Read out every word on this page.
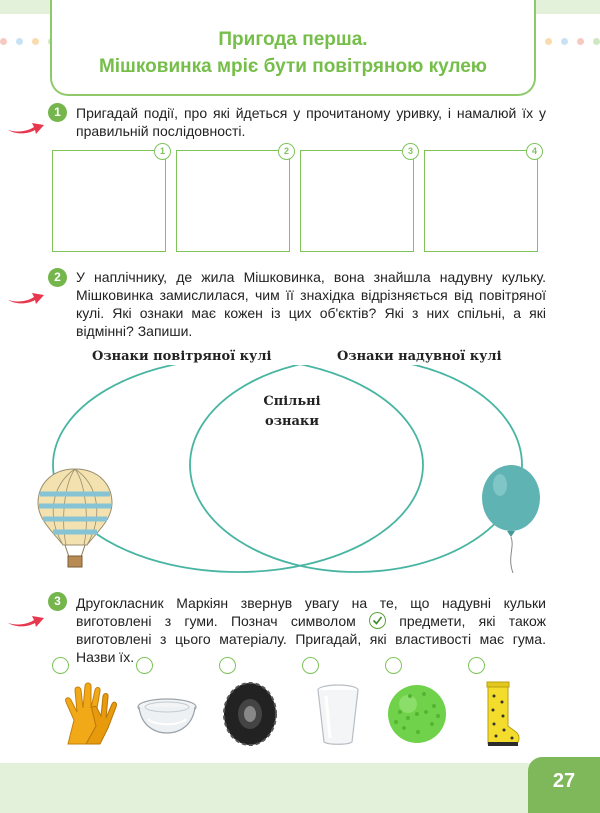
Пригода перша.
Мішковинка мріє бути повітряною кулею
1	Пригадай події, про які йдеться у прочитаному уривку, і намалюй їх у правильній послідовності.
1	2	3	4
2	У наплічнику, де жила Мішковинка, вона знайшла надувну кульку. Мішковинка замислилася, чим її знахідка відрізняється від повітряної кулі. Які ознаки має кожен із цих об'єктів? Які з них спільні, а які відмінні? Запиши.
Ознаки повітряної кулі	Ознаки надувної кулі
Спільні
ознаки
3	Другокласник Маркіян звернув увагу на те, що надувні кульки виготовлені з гуми. Познач символом	предмети, які також виготовлені з цього матеріалу. Пригадай, які властивості має гума. Назви їх.
27
